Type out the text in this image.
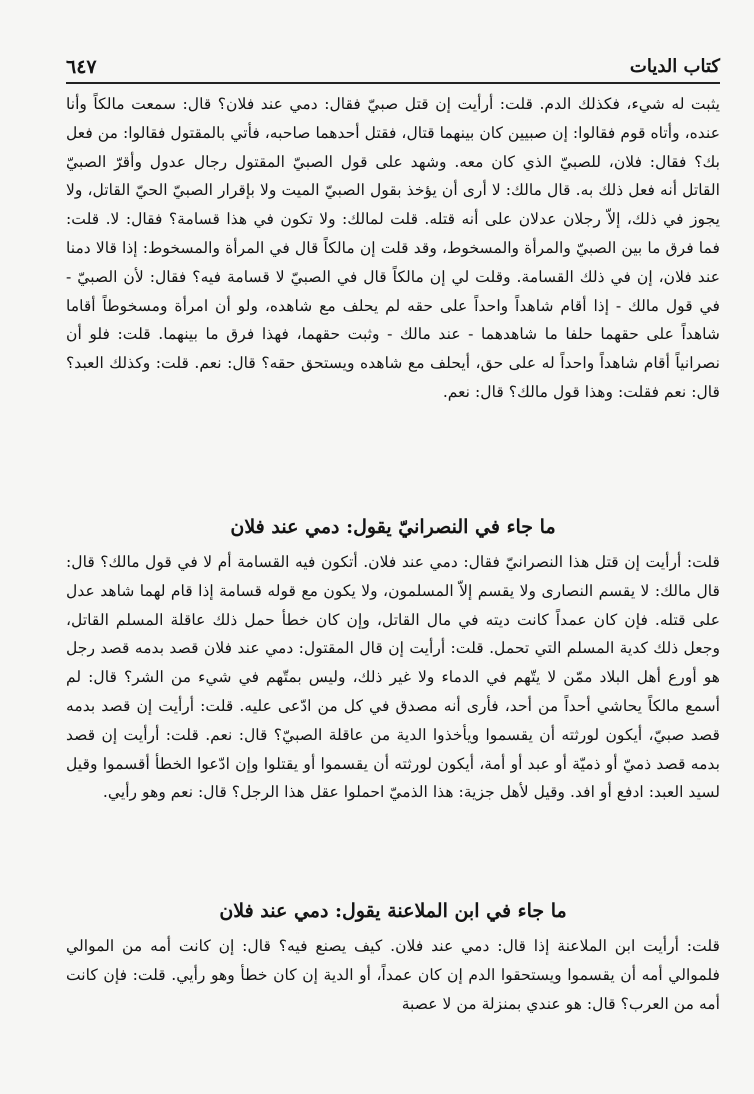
كتاب الديات
٦٤٧

يثبت له شيء، فكذلك الدم. قلت: أرأيت إن قتل صبيّ فقال: دمي عند فلان؟ قال: سمعت مالكاً وأنا عنده، وأتاه قوم فقالوا: إن صبيين كان بينهما قتال، فقتل أحدهما صاحبه، فأتي بالمقتول فقالوا: من فعل بك؟ فقال: فلان، للصبيّ الذي كان معه. وشهد على قول الصبيّ المقتول رجال عدول وأقرّ الصبيّ القاتل أنه فعل ذلك به. قال مالك: لا أرى أن يؤخذ بقول الصبيّ الميت ولا بإقرار الصبيّ الحيّ القاتل، ولا يجوز في ذلك، إلاّ رجلان عدلان على أنه قتله. قلت لمالك: ولا تكون في هذا قسامة؟ فقال: لا. قلت: فما فرق ما بين الصبيّ والمرأة والمسخوط، وقد قلت إن مالكاً قال في المرأة والمسخوط: إذا قالا دمنا عند فلان، إن في ذلك القسامة. وقلت لي إن مالكاً قال في الصبيّ لا قسامة فيه؟ فقال: لأن الصبيّ - في قول مالك - إذا أقام شاهداً واحداً على حقه لم يحلف مع شاهده، ولو أن امرأة ومسخوطاً أقاما شاهداً على حقهما حلفا ما شاهدهما - عند مالك - وثبت حقهما، فهذا فرق ما بينهما. قلت: فلو أن نصرانياً أقام شاهداً واحداً له على حق، أيحلف مع شاهده ويستحق حقه؟ قال: نعم. قلت: وكذلك العبد؟ قال: نعم فقلت: وهذا قول مالك؟ قال: نعم.

ما جاء في النصرانيّ يقول: دمي عند فلان

قلت: أرأيت إن قتل هذا النصرانيّ فقال: دمي عند فلان. أتكون فيه القسامة أم لا في قول مالك؟ قال: قال مالك: لا يقسم النصارى ولا يقسم إلاّ المسلمون، ولا يكون مع قوله قسامة إذا قام لهما شاهد عدل على قتله. فإن كان عمداً كانت ديته في مال القاتل، وإن كان خطأ حمل ذلك عاقلة المسلم القاتل، وجعل ذلك كدية المسلم التي تحمل. قلت: أرأيت إن قال المقتول: دمي عند فلان قصد بدمه قصد رجل هو أورع أهل البلاد ممّن لا يتّهم في الدماء ولا غير ذلك، وليس بمتّهم في شيء من الشر؟ قال: لم أسمع مالكاً يحاشي أحداً من أحد، فأرى أنه مصدق في كل من ادّعى عليه. قلت: أرأيت إن قصد بدمه قصد صبيّ، أيكون لورثته أن يقسموا ويأخذوا الدية من عاقلة الصبيّ؟ قال: نعم. قلت: أرأيت إن قصد بدمه قصد ذميّ أو ذميّة أو عبد أو أمة، أيكون لورثته أن يقسموا أو يقتلوا وإن ادّعوا الخطأ أقسموا وقيل لسيد العبد: ادفع أو افد. وقيل لأهل جزية: هذا الذميّ احملوا عقل هذا الرجل؟ قال: نعم وهو رأيي.

ما جاء في ابن الملاعنة يقول: دمي عند فلان

قلت: أرأيت ابن الملاعنة إذا قال: دمي عند فلان. كيف يصنع فيه؟ قال: إن كانت أمه من الموالي فلموالي أمه أن يقسموا ويستحقوا الدم إن كان عمداً، أو الدية إن كان خطأ وهو رأيي. قلت: فإن كانت أمه من العرب؟ قال: هو عندي بمنزلة من لا عصبة
